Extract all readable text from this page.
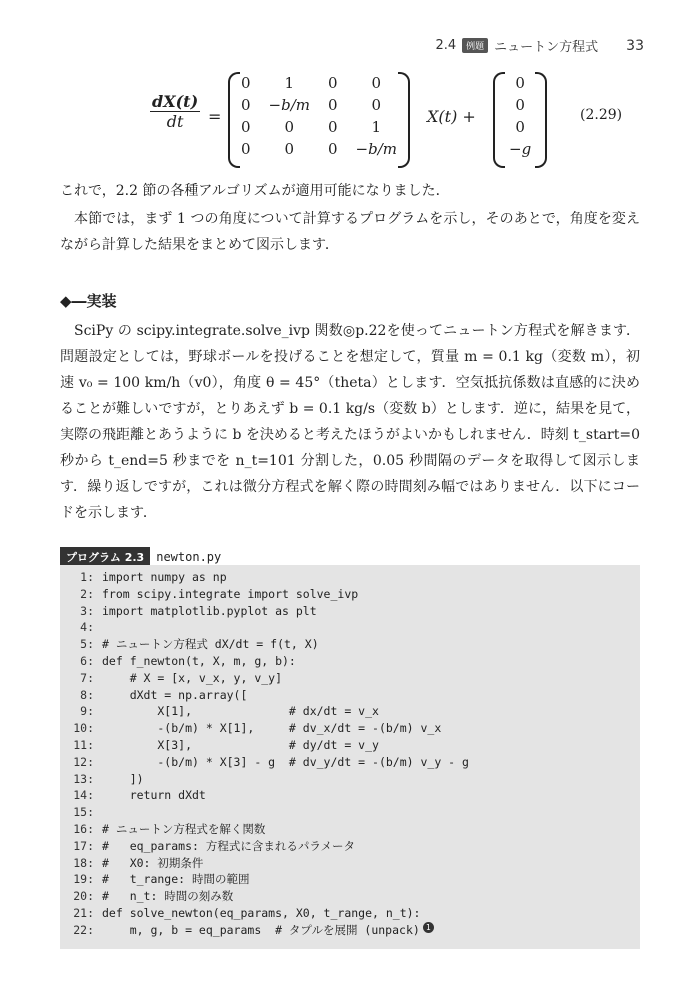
2.4	例題 ニュートン方程式 33
$\frac{dX(t)}{dt}$ =
0	1	0	0
0	−b/m	0	0
0	0	0	1
0	0	0	−b/m
X(t) +
0
0
0
−g
(2.29)

これで，2.2 節の各種アルゴリズムが適用可能になりました．

本節では，まず 1 つの角度について計算するプログラムを示し，そのあとで，角度を変えながら計算した結果をまとめて図示します．

◆―実装

SciPy の scipy.integrate.solve_ivp 関数◎p.22を使ってニュートン方程式を解きます．問題設定としては，野球ボールを投げることを想定して，質量 m = 0.1 kg（変数 m），初速 v₀ = 100 km/h（v0），角度 θ = 45°（theta）とします．空気抵抗係数は直感的に決めることが難しいですが，とりあえず b = 0.1 kg/s（変数 b）とします．逆に，結果を見て，実際の飛距離とあうように b を決めると考えたほうがよいかもしれません．時刻 t_start=0 秒から t_end=5 秒までを n_t=101 分割した，0.05 秒間隔のデータを取得して図示します．繰り返しですが，これは微分方程式を解く際の時間刻み幅ではありません．以下にコードを示します．

プログラム 2.3	newton.py
1: import numpy as np
2: from scipy.integrate import solve_ivp
3: import matplotlib.pyplot as plt
4:
5: # ニュートン方程式 dX/dt = f(t, X)
6: def f_newton(t, X, m, g, b):
7: # X = [x, v_x, y, v_y]
8: dXdt = np.array([
9: X[1],              # dx/dt = v_x
10: -(b/m) * X[1],     # dv_x/dt = -(b/m) v_x
11: X[3],              # dy/dt = v_y
12: -(b/m) * X[3] - g  # dv_y/dt = -(b/m) v_y - g
13: ])
14: return dXdt
15:
16: # ニュートン方程式を解く関数
17: #   eq_params: 方程式に含まれるパラメータ
18: #   X0: 初期条件
19: #   t_range: 時間の範囲
20: #   n_t: 時間の刻み数
21: def solve_newton(eq_params, X0, t_range, n_t):
22: m, g, b = eq_params  # タプルを展開 (unpack) 1
